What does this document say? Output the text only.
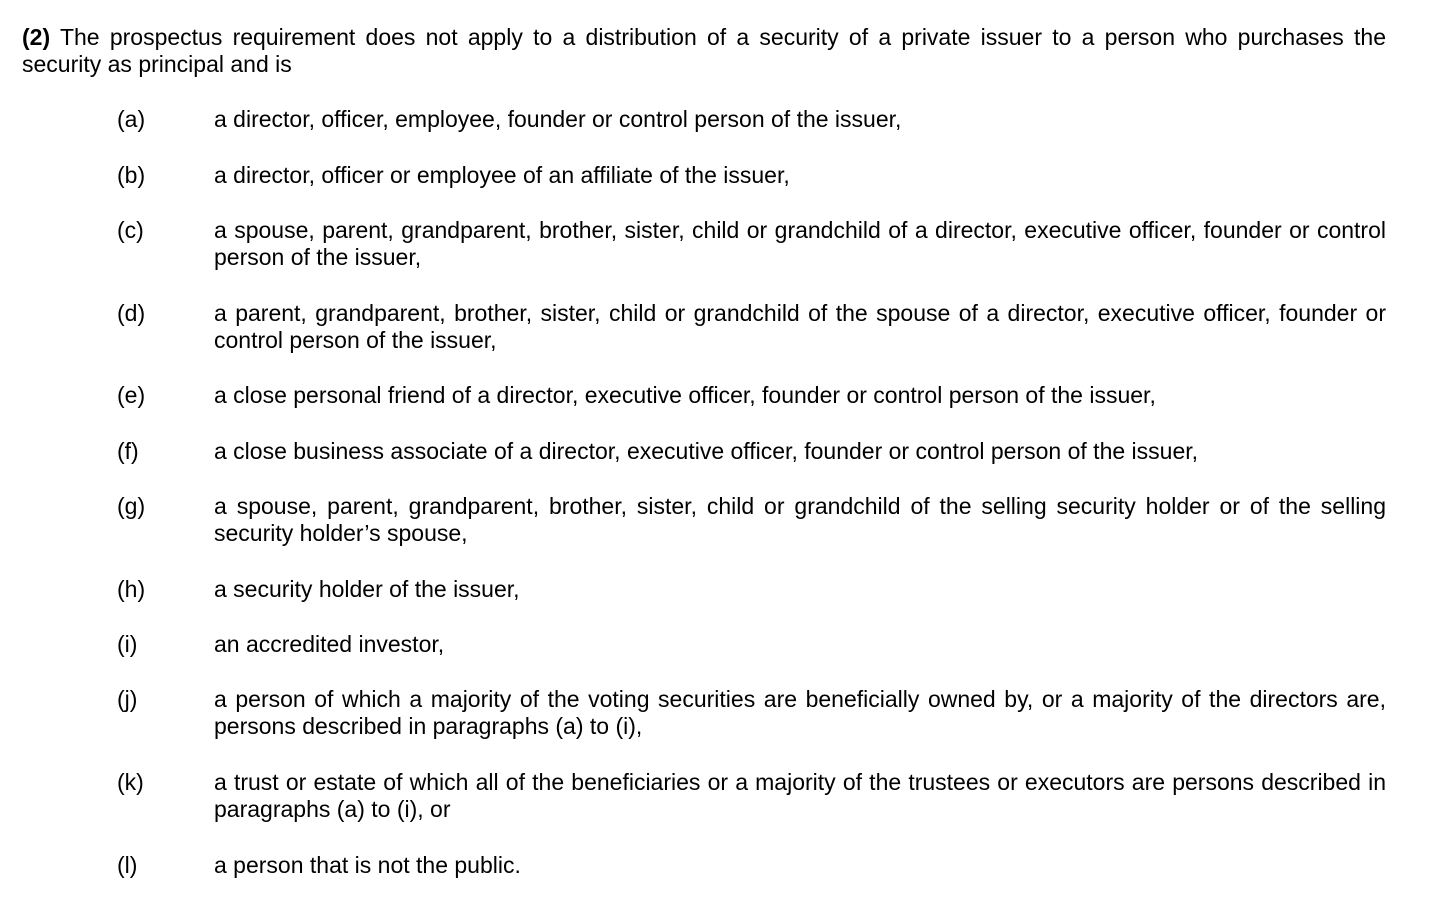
(2) The prospectus requirement does not apply to a distribution of a security of a private issuer to a person who purchases the security as principal and is
(a)	a director, officer, employee, founder or control person of the issuer,
(b)	a director, officer or employee of an affiliate of the issuer,
(c)	a spouse, parent, grandparent, brother, sister, child or grandchild of a director, executive officer, founder or control person of the issuer,
(d)	a parent, grandparent, brother, sister, child or grandchild of the spouse of a director, executive officer, founder or control person of the issuer,
(e)	a close personal friend of a director, executive officer, founder or control person of the issuer,
(f)	a close business associate of a director, executive officer, founder or control person of the issuer,
(g)	a spouse, parent, grandparent, brother, sister, child or grandchild of the selling security holder or of the selling security holder’s spouse,
(h)	a security holder of the issuer,
(i)	an accredited investor,
(j)	a person of which a majority of the voting securities are beneficially owned by, or a majority of the directors are, persons described in paragraphs (a) to (i),
(k)	a trust or estate of which all of the beneficiaries or a majority of the trustees or executors are persons described in paragraphs (a) to (i), or
(l)	a person that is not the public.
